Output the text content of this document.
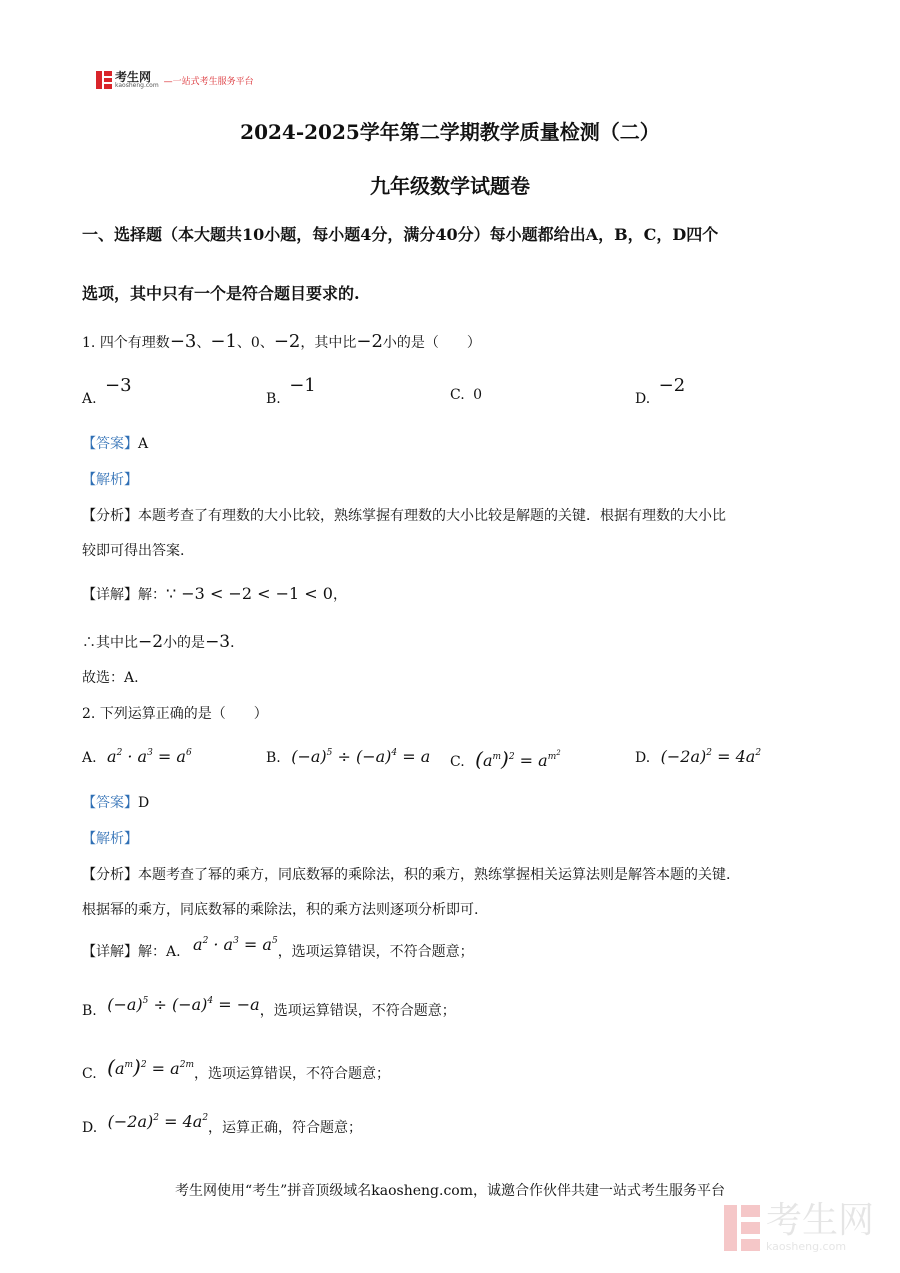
考生网
kaosheng.com —一站式考生服务平台
2024-2025学年第二学期教学质量检测（二）
九年级数学试题卷
一、选择题（本大题共10小题，每小题4分，满分40分）每小题都给出A，B，C，D四个
选项，其中只有一个是符合题目要求的.
1. 四个有理数−3、−1、0、−2，其中比−2小的是（　　）
A. −3
B. −1	C. 0	D. −2
【答案】A
【解析】
【分析】本题考查了有理数的大小比较，熟练掌握有理数的大小比较是解题的关键．根据有理数的大小比
较即可得出答案.
【详解】解：∵ −3 < −2 < −1 < 0，
∴其中比−2小的是−3．
故选：A.
2. 下列运算正确的是（　　）
A. $a^2 \cdot a^3 = a^6$	B. $(-a)^5 \div (-a)^4 = a$ C. $(a^m)^2 = a^{m^2}$	D. $(-2a)^2 = 4a^2$
【答案】D
【解析】
【分析】本题考查了幂的乘方，同底数幂的乘除法，积的乘方，熟练掌握相关运算法则是解答本题的关键.
根据幂的乘方，同底数幂的乘除法，积的乘方法则逐项分析即可.
【详解】解：A. $a^2 \cdot a^3 = a^5$，选项运算错误，不符合题意；
B. $(-a)^5 \div (-a)^4 = -a$，选项运算错误，不符合题意；
C. $(a^m)^2 = a^{2m}$，选项运算错误，不符合题意；
D. $(-2a)^2 = 4a^2$，运算正确，符合题意；
考生网使用“考生”拼音顶级域名kaosheng.com，诚邀合作伙伴共建一站式考生服务平台
考生网
kaosheng.com
